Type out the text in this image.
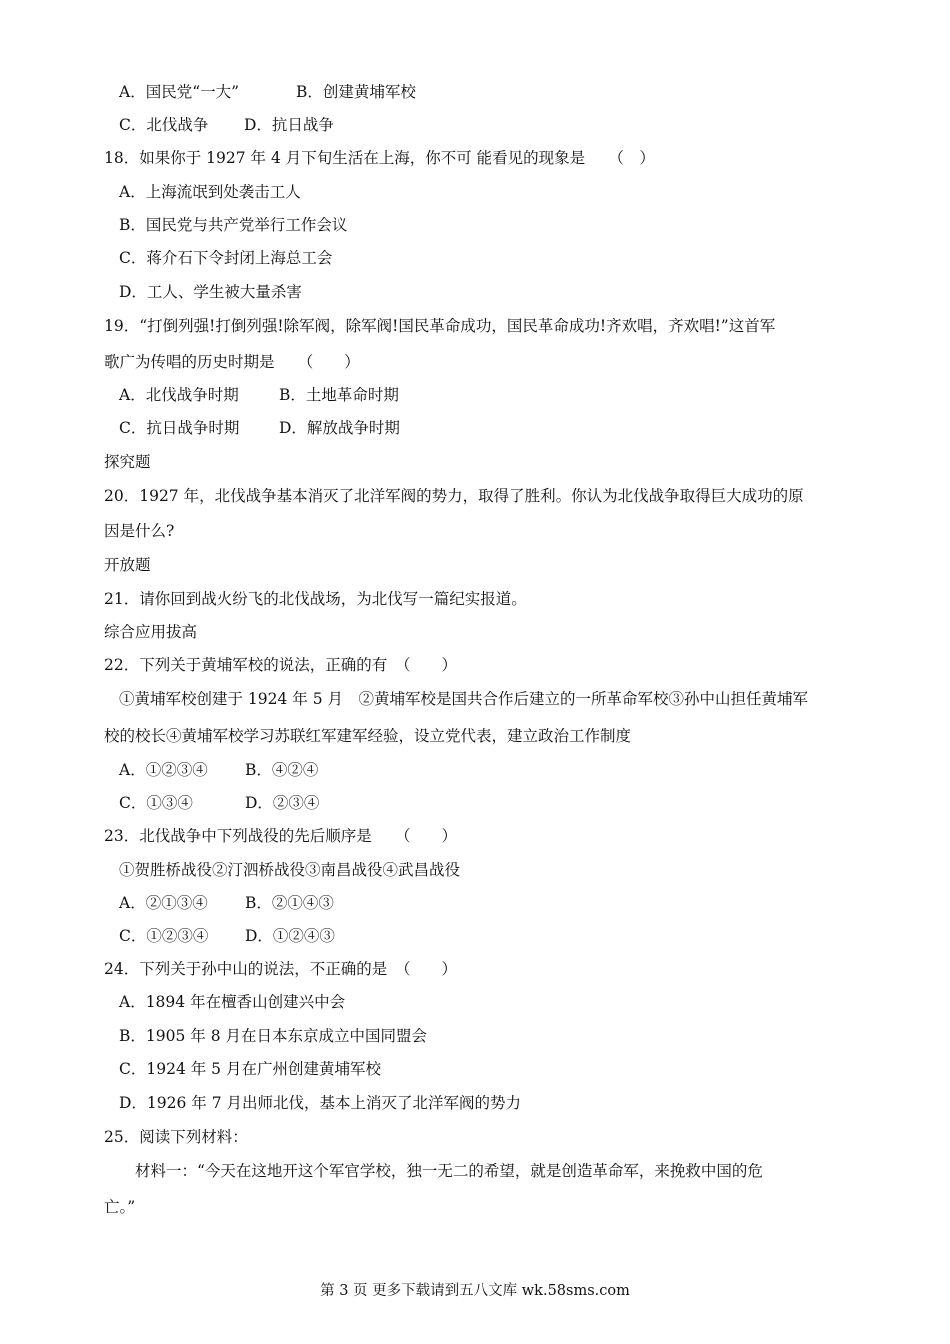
A．国民党“一大”	B．创建黄埔军校
C．北伐战争 D．抗日战争
18．如果你于 1927 年 4 月下旬生活在上海，你不可 能看见的现象是　　（　）
A．上海流氓到处袭击工人
B．国民党与共产党举行工作会议
C．蒋介石下令封闭上海总工会
D．工人、学生被大量杀害
19．“打倒列强!打倒列强!除军阀，除军阀!国民革命成功，国民革命成功!齐欢唱，齐欢唱!”这首军
歌广为传唱的历史时期是　　（　　）
A．北伐战争时期	B．土地革命时期
C．抗日战争时期	D．解放战争时期
探究题
20．1927 年，北伐战争基本消灭了北洋军阀的势力，取得了胜利。你认为北伐战争取得巨大成功的原
因是什么?
开放题
21．请你回到战火纷飞的北伐战场，为北伐写一篇纪实报道。
综合应用拔高
22．下列关于黄埔军校的说法，正确的有　（　　）
①黄埔军校创建于 1924 年 5 月　②黄埔军校是国共合作后建立的一所革命军校③孙中山担任黄埔军
校的校长④黄埔军校学习苏联红军建军经验，设立党代表，建立政治工作制度
A．①②③④ B．④②④
C．①③④	D．②③④
23．北伐战争中下列战役的先后顺序是　　（　　）
①贺胜桥战役②汀泗桥战役③南昌战役④武昌战役
A．②①③④ B．②①④③
C．①②③④ D．①②④③
24．下列关于孙中山的说法，不正确的是　（　　）
A．1894 年在檀香山创建兴中会
B．1905 年 8 月在日本东京成立中国同盟会
C．1924 年 5 月在广州创建黄埔军校
D．1926 年 7 月出师北伐，基本上消灭了北洋军阀的势力
25．阅读下列材料：
材料一：“今天在这地开这个军官学校，独一无二的希望，就是创造革命军，来挽救中国的危
亡。”
第 3 页 更多下载请到五八文库 wk.58sms.com
